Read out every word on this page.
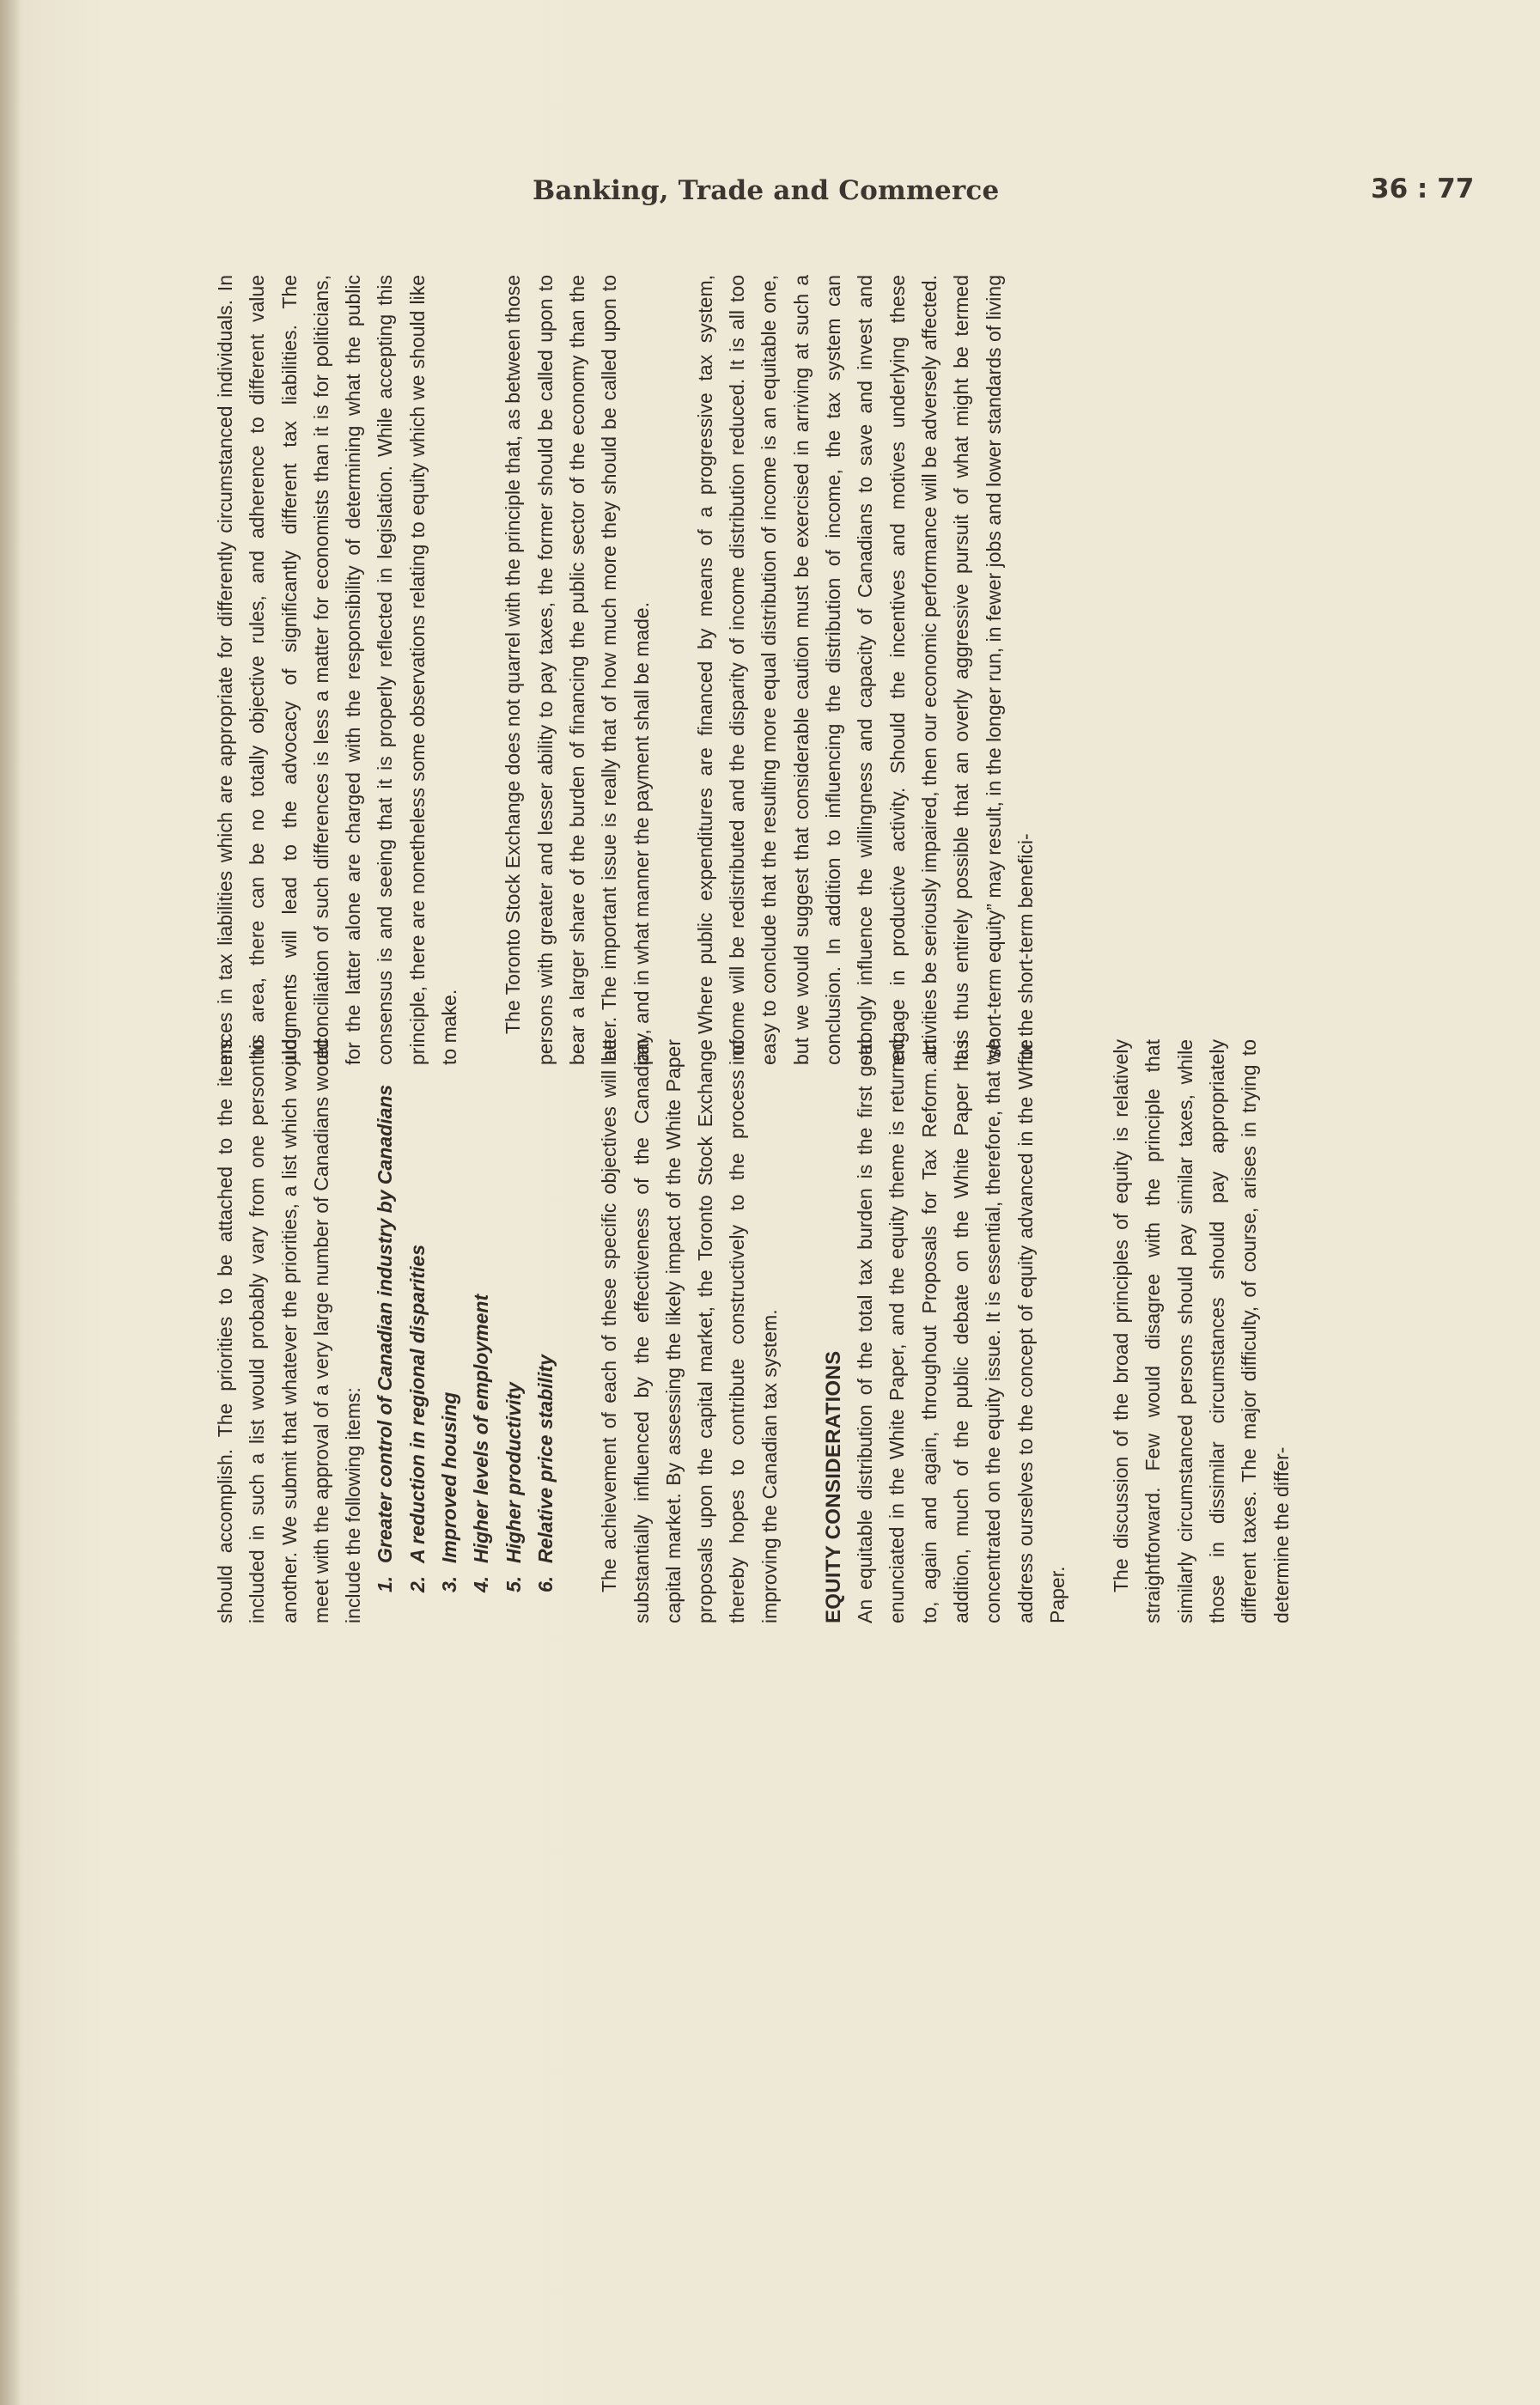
Banking, Trade and Commerce	36 : 77

should accomplish. The priorities to be attached to the items included in such a list would probably vary from one person to another. We submit that whatever the priorities, a list which would meet with the approval of a very large number of Canadians would include the following items: 1.Greater control of Canadian industry by Canadians
2.A reduction in regional disparities
3.Improved housing
4.Higher levels of employment
5.Higher productivity
6.Relative price stability The achievement of each of these specific objectives will be substantially influenced by the effectiveness of the Canadian capital market. By assessing the likely impact of the White Paper proposals upon the capital market, the Toronto Stock Exchange thereby hopes to contribute constructively to the process of improving the Canadian tax system. EQUITY CONSIDERATIONS An equitable distribution of the total tax burden is the first goal enunciated in the White Paper, and the equity theme is returned to, again and again, throughout Proposals for Tax Reform. In addition, much of the public debate on the White Paper has concentrated on the equity issue. It is essential, therefore, that we address ourselves to the concept of equity advanced in the White Paper.

The discussion of the broad principles of equity is relatively straightforward. Few would disagree with the principle that similarly circumstanced persons should pay similar taxes, while those in dissimilar circumstances should pay appropriately different taxes. The major difficulty, of course, arises in trying to determine the differ-

ences in tax liabilities which are appropriate for differently circumstanced individuals. In this area, there can be no totally objective rules, and adherence to different value judgments will lead to the advocacy of significantly different tax liabilities. The reconciliation of such differences is less a matter for economists than it is for politicians, for the latter alone are charged with the responsibility of determining what the public consensus is and seeing that it is properly reflected in legislation. While accepting this principle, there are nonetheless some observations relating to equity which we should like to make. The Toronto Stock Exchange does not quarrel with the principle that, as between those persons with greater and lesser ability to pay taxes, the former should be called upon to bear a larger share of the burden of financing the public sector of the economy than the latter. The important issue is really that of how much more they should be called upon to pay, and in what manner the payment shall be made. Where public expenditures are financed by means of a progressive tax system, income will be redistributed and the disparity of income distribution reduced. It is all too easy to conclude that the resulting more equal distribution of income is an equitable one, but we would suggest that considerable caution must be exercised in arriving at such a conclusion. In addition to influencing the distribution of income, the tax system can strongly influence the willingness and capacity of Canadians to save and invest and engage in productive activity. Should the incentives and motives underlying these activities be seriously impaired, then our economic performance will be adversely affected. It is thus entirely possible that an overly aggressive pursuit of what might be termed “short-term equity” may result, in the longer run, in fewer jobs and lower standards of living for the short-term benefici-
